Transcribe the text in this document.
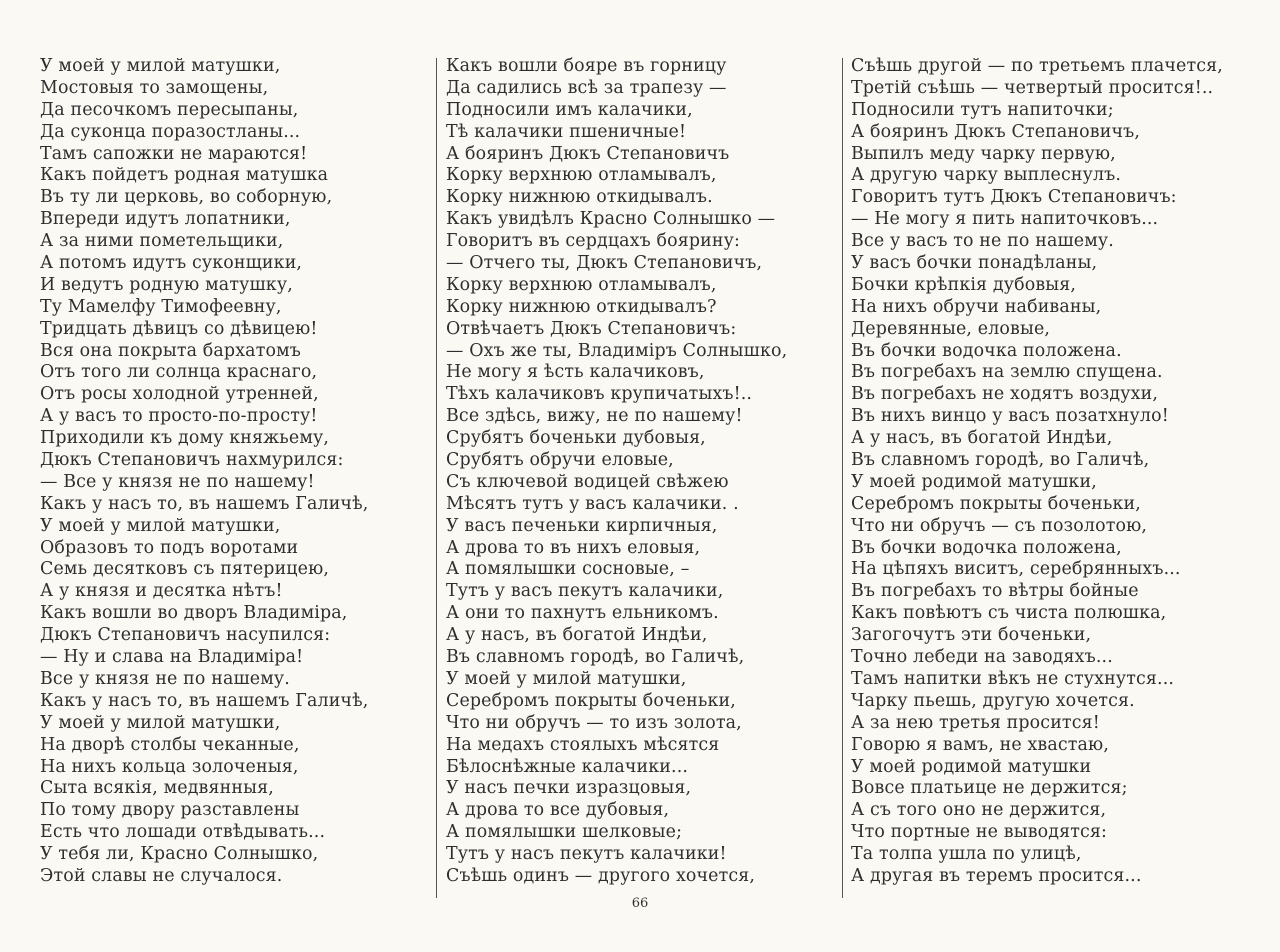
У моей у милой матушки,
Мостовыя то замощены,
Да песочкомъ пересыпаны,
Да суконца поразостланы...
Тамъ сапожки не мараются!
Какъ пойдетъ родная матушка
Въ ту ли церковь, во соборную,
Впереди идутъ лопатники,
А за ними пометельщики,
А потомъ идутъ суконщики,
И ведутъ родную матушку,
Ту Мамелфу Тимофеевну,
Тридцать дѣвицъ со дѣвицею!
Вся она покрыта бархатомъ
Отъ того ли солнца краснаго,
Отъ росы холодной утренней,
А у васъ то просто-по-просту!
Приходили къ дому княжьему,
Дюкъ Степановичъ нахмурился:
— Все у князя не по нашему!
Какъ у насъ то, въ нашемъ Галичѣ,
У моей у милой матушки,
Образовъ то подъ воротами
Семь десятковъ съ пятерицею,
А у князя и десятка нѣтъ!
Какъ вошли во дворъ Владиміра,
Дюкъ Степановичъ насупился:
— Ну и слава на Владиміра!
Все у князя не по нашему.
Какъ у насъ то, въ нашемъ Галичѣ,
У моей у милой матушки,
На дворѣ столбы чеканные,
На нихъ кольца золоченыя,
Сыта всякія, медвянныя,
По тому двору разставлены
Есть что лошади отвѣдывать...
У тебя ли, Красно Солнышко,
Этой славы не случалося.
Какъ вошли бояре въ горницу
Да садились всѣ за трапезу —
Подносили имъ калачики,
Тѣ калачики пшеничные!
А бояринъ Дюкъ Степановичъ
Корку верхнюю отламывалъ,
Корку нижнюю откидывалъ.
Какъ увидѣлъ Красно Солнышко —
Говоритъ въ сердцахъ боярину:
— Отчего ты, Дюкъ Степановичъ,
Корку верхнюю отламывалъ,
Корку нижнюю откидывалъ?
Отвѣчаетъ Дюкъ Степановичъ:
— Охъ же ты, Владиміръ Солнышко,
Не могу я ѣсть калачиковъ,
Тѣхъ калачиковъ крупичатыхъ!..
Все здѣсь, вижу, не по нашему!
Срубятъ боченьки дубовыя,
Срубятъ обручи еловые,
Съ ключевой водицей свѣжею
Мѣсятъ тутъ у васъ калачики. .
У васъ печеньки кирпичныя,
А дрова то въ нихъ еловыя,
А помялышки сосновые, –
Тутъ у васъ пекутъ калачики,
А они то пахнутъ ельникомъ.
А у насъ, въ богатой Индѣи,
Въ славномъ городѣ, во Галичѣ,
У моей у милой матушки,
Серебромъ покрыты боченьки,
Что ни обручъ — то изъ золота,
На медахъ стоялыхъ мѣсятся
Бѣлоснѣжные калачики...
У насъ печки изразцовыя,
А дрова то все дубовыя,
А помялышки шелковые;
Тутъ у насъ пекутъ калачики!
Съѣшь одинъ — другого хочется,
Съѣшь другой — по третьемъ плачется,
Третій съѣшь — четвертый просится!..
Подносили тутъ напиточки;
А бояринъ Дюкъ Степановичъ,
Выпилъ меду чарку первую,
А другую чарку выплеснулъ.
Говоритъ тутъ Дюкъ Степановичъ:
— Не могу я пить напиточковъ...
Все у васъ то не по нашему.
У васъ бочки понадѣланы,
Бочки крѣпкія дубовыя,
На нихъ обручи набиваны,
Деревянные, еловые,
Въ бочки водочка положена.
Въ погребахъ на землю спущена.
Въ погребахъ не ходятъ воздухи,
Въ нихъ винцо у васъ позатхнуло!
А у насъ, въ богатой Индѣи,
Въ славномъ городѣ, во Галичѣ,
У моей родимой матушки,
Серебромъ покрыты боченьки,
Что ни обручъ — съ позолотою,
Въ бочки водочка положена,
На цѣпяхъ виситъ, серебрянныхъ...
Въ погребахъ то вѣтры бойные
Какъ повѣютъ съ чиста полюшка,
Загогочутъ эти боченьки,
Точно лебеди на заводяхъ...
Тамъ напитки вѣкъ не стухнутся...
Чарку пьешь, другую хочется.
А за нею третья просится!
Говорю я вамъ, не хвастаю,
У моей родимой матушки
Вовсе платьице не держится;
А съ того оно не держится,
Что портные не выводятся:
Та толпа ушла по улицѣ,
А другая въ теремъ просится...
66
